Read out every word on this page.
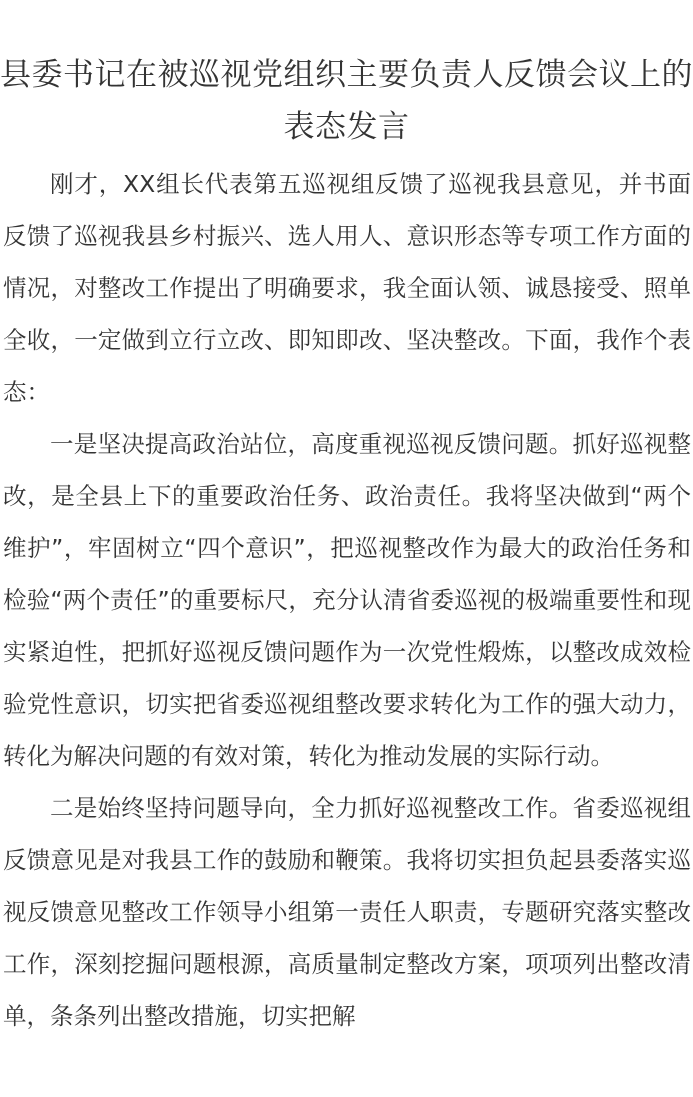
县委书记在被巡视党组织主要负责人反馈会议上的表态发言

刚才，XX组长代表第五巡视组反馈了巡视我县意见，并书面反馈了巡视我县乡村振兴、选人用人、意识形态等专项工作方面的情况，对整改工作提出了明确要求，我全面认领、诚恳接受、照单全收，一定做到立行立改、即知即改、坚决整改。下面，我作个表态：

一是坚决提高政治站位，高度重视巡视反馈问题。抓好巡视整改，是全县上下的重要政治任务、政治责任。我将坚决做到“两个维护”，牢固树立“四个意识”，把巡视整改作为最大的政治任务和检验“两个责任”的重要标尺，充分认清省委巡视的极端重要性和现实紧迫性，把抓好巡视反馈问题作为一次党性煅炼，以整改成效检验党性意识，切实把省委巡视组整改要求转化为工作的强大动力，转化为解决问题的有效对策，转化为推动发展的实际行动。

二是始终坚持问题导向，全力抓好巡视整改工作。省委巡视组反馈意见是对我县工作的鼓励和鞭策。我将切实担负起县委落实巡视反馈意见整改工作领导小组第一责任人职责，专题研究落实整改工作，深刻挖掘问题根源，高质量制定整改方案，项项列出整改清单，条条列出整改措施，切实把解
